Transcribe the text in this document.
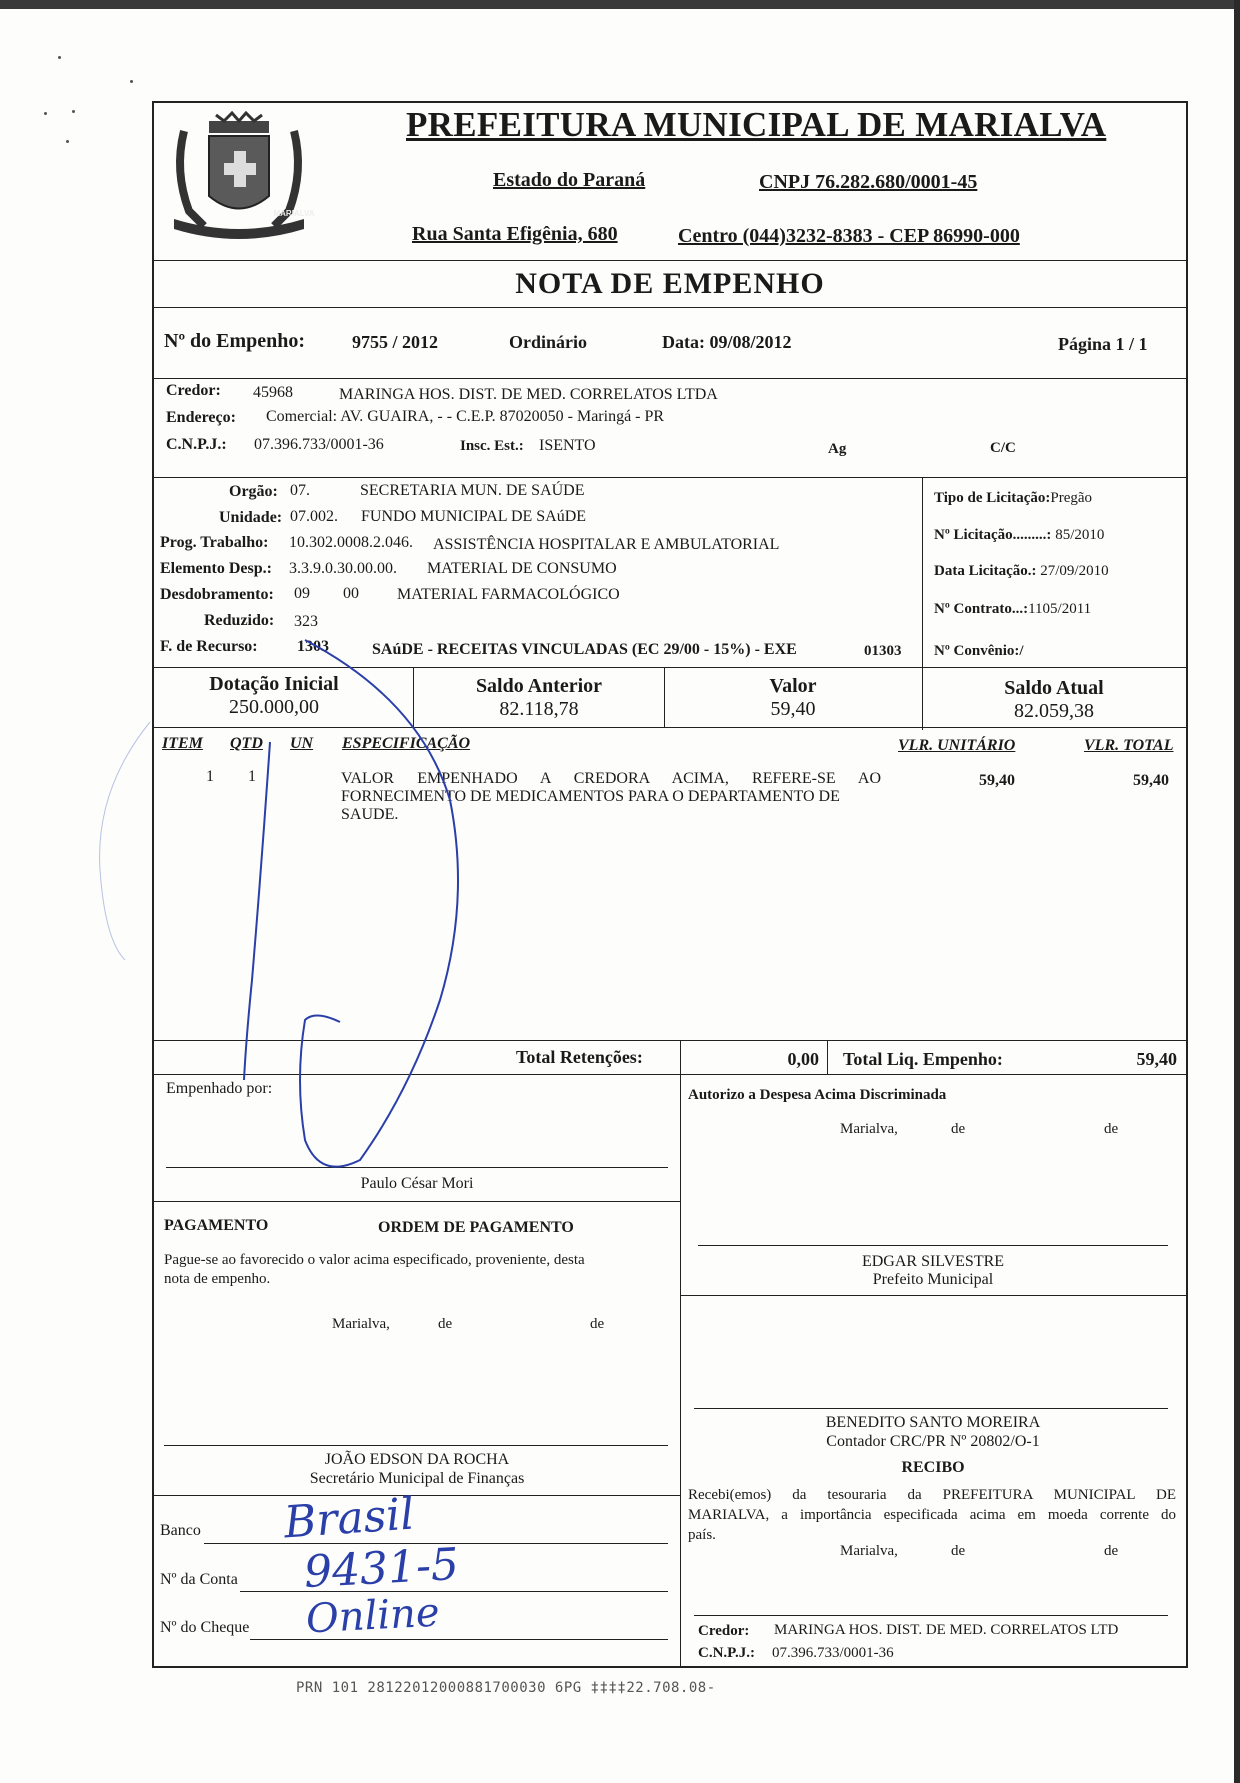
MARIALVA
PREFEITURA MUNICIPAL DE MARIALVA
Estado do Paraná	CNPJ 76.282.680/0001-45
Rua Santa Efigênia, 680	Centro (044)3232-8383 - CEP 86990-000
NOTA DE EMPENHO
Nº do Empenho:	9755 / 2012	Ordinário	Data: 09/08/2012	Página 1 / 1
Credor: 45968	MARINGA HOS. DIST. DE MED. CORRELATOS LTDA
Endereço: Comercial: AV. GUAIRA, - - C.E.P. 87020050 - Maringá - PR
C.N.P.J.: 07.396.733/0001-36	Insc. Est.: ISENTO	Ag	C/C
Orgão: 07.	SECRETARIA MUN. DE SAÚDE
Unidade: 07.002. FUNDO MUNICIPAL DE SAúDE
Prog. Trabalho: 10.302.0008.2.046. ASSISTÊNCIA HOSPITALAR E AMBULATORIAL
Elemento Desp.: 3.3.9.0.30.00.00. MATERIAL DE CONSUMO
Desdobramento: 09 00 MATERIAL FARMACOLÓGICO
Reduzido: 323
F. de Recurso: 1303	SAúDE - RECEITAS VINCULADAS (EC 29/00 - 15%) - EXE	01303
Tipo de Licitação:Pregão
Nº Licitação.........: 85/2010
Data Licitação.: 27/09/2010
Nº Contrato...:1105/2011
Nº Convênio:/
Dotação Inicial
250.000,00
Saldo Anterior
82.118,78
Valor
59,40
Saldo Atual
82.059,38
ITEM QTD UN ESPECIFICAÇÃO	VLR. UNITÁRIO	VLR. TOTAL
1 1	VALOR EMPENHADO A CREDORA ACIMA, REFERE-SE AO
FORNECIMENTO DE MEDICAMENTOS PARA O DEPARTAMENTO DE
SAUDE.
59,40	59,40
Total Retenções:	0,00 Total Liq. Empenho:	59,40
Empenhado por:
Paulo César Mori
PAGAMENTO	ORDEM DE PAGAMENTO
Pague-se ao favorecido o valor acima especificado, proveniente, desta
nota de empenho.
Marialva,	de	de
JOÃO EDSON DA ROCHA
Secretário Municipal de Finanças
Banco Brasil
Nº da Conta 9431-5
Nº do Cheque Online
Autorizo a Despesa Acima Discriminada
Marialva,	de	de
EDGAR SILVESTRE
Prefeito Municipal
BENEDITO SANTO MOREIRA
Contador CRC/PR Nº 20802/O-1
RECIBO
Recebi(emos) da tesouraria da PREFEITURA MUNICIPAL DE
MARIALVA, a importância especificada acima em moeda corrente do
país.
Marialva,	de	de
Credor: MARINGA HOS. DIST. DE MED. CORRELATOS LTD
C.N.P.J.: 07.396.733/0001-36
PRN 101 28122012000881700030 6PG ‡‡‡‡22.708.08-
